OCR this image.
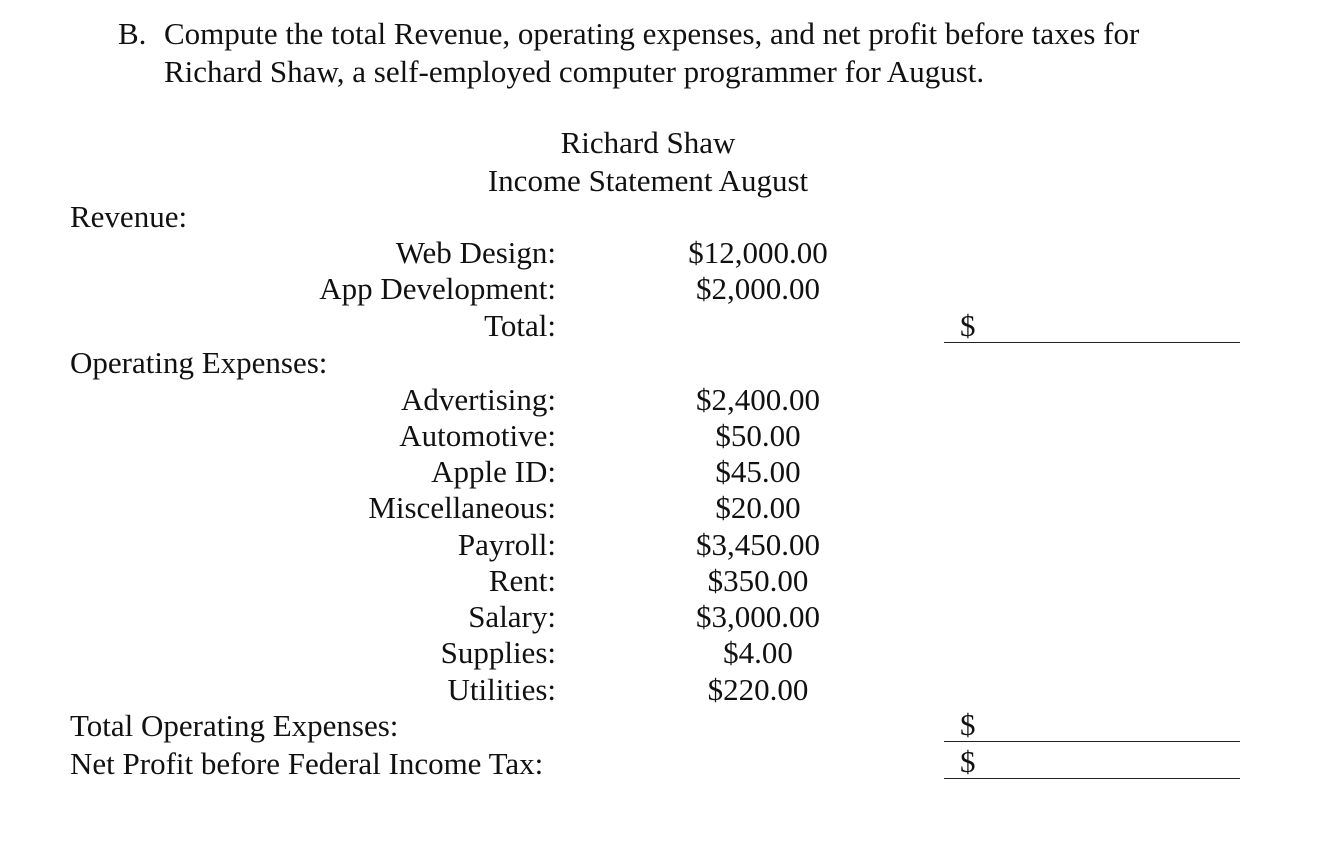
B. Compute the total Revenue, operating expenses, and net profit before taxes for
Richard Shaw, a self-employed computer programmer for August.
Richard Shaw
Income Statement August
Revenue:
Web Design:	$12,000.00
App Development:	$2,000.00
Total:	$
Operating Expenses:
Advertising:	$2,400.00
Automotive:	$50.00
Apple ID:	$45.00
Miscellaneous:	$20.00
Payroll:	$3,450.00
Rent:	$350.00
Salary:	$3,000.00
Supplies:	$4.00
Utilities:	$220.00
Total Operating Expenses:	$
Net Profit before Federal Income Tax:	$
